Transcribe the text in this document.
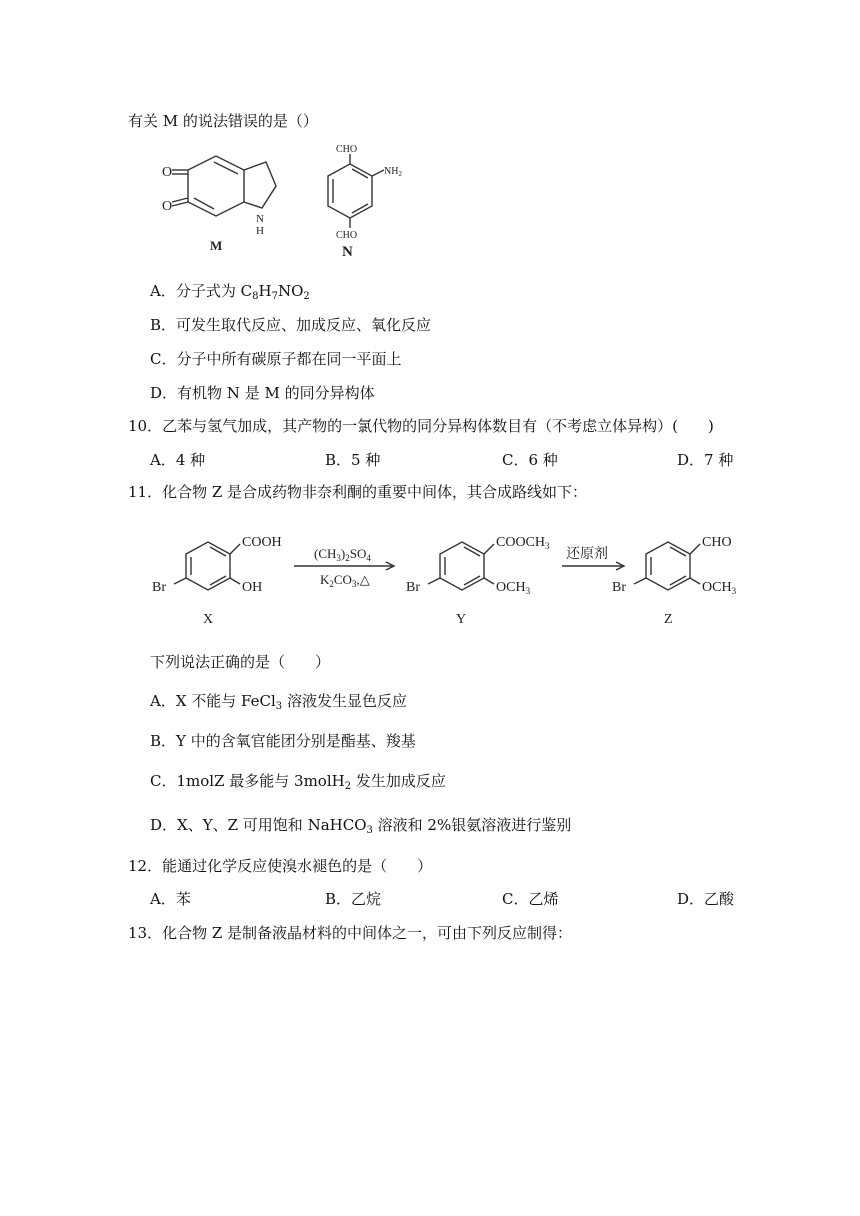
有关 M 的说法错误的是（）
O
O
N
H
M
CHO
$NH_2$
CHO
N
A．分子式为 $C_8H_7NO_2$
B．可发生取代反应、加成反应、氧化反应
C．分子中所有碳原子都在同一平面上
D．有机物 N 是 M 的同分异构体
10．乙苯与氢气加成，其产物的一氯代物的同分异构体数目有（不考虑立体异构）(　　)
A．4 种	B．5 种	C．6 种	D．7 种
11．化合物 Z 是合成药物非奈利酮的重要中间体，其合成路线如下：
COOH
OH
Br
X
$(CH_3)_2SO_4$
$K_2CO_3,\triangle$
$COOCH_3$
$OCH_3$
Br
Y
还原剂
CHO
$OCH_3$
Br
Z
下列说法正确的是（　　）
A．X 不能与 FeCl$_3$ 溶液发生显色反应
B．Y 中的含氧官能团分别是酯基、羧基
C．1molZ 最多能与 3molH$_2$ 发生加成反应
D．X、Y、Z 可用饱和 NaHCO$_3$ 溶液和 2%银氨溶液进行鉴别
12．能通过化学反应使溴水褪色的是（　　）
A．苯	B．乙烷	C．乙烯	D．乙酸
13．化合物 Z 是制备液晶材料的中间体之一，可由下列反应制得：
